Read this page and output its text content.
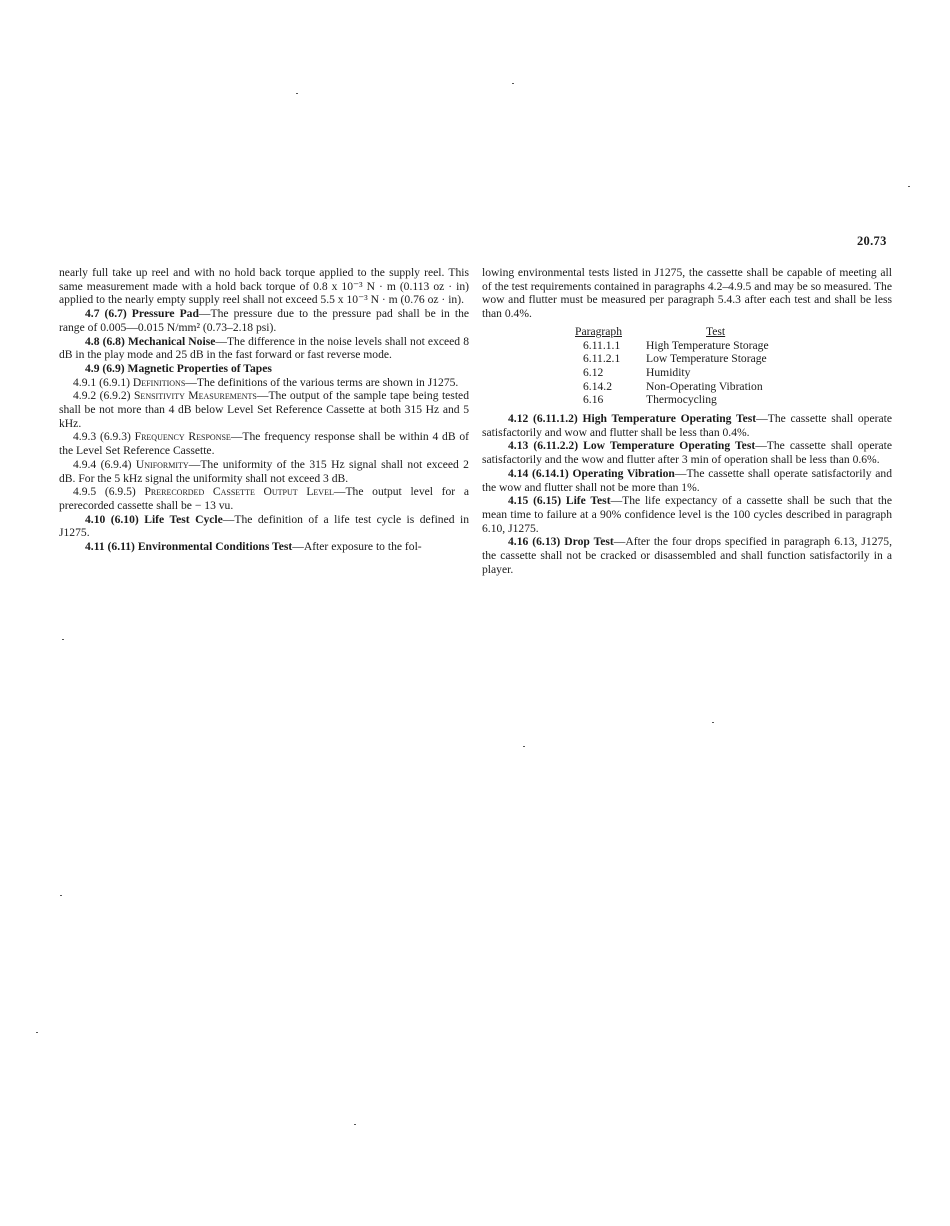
20.73

nearly full take up reel and with no hold back torque applied to the supply reel. This same measurement made with a hold back torque of 0.8 x 10⁻³ N · m (0.113 oz · in) applied to the nearly empty supply reel shall not exceed 5.5 x 10⁻³ N · m (0.76 oz · in).

4.7 (6.7) Pressure Pad—The pressure due to the pressure pad shall be in the range of 0.005—0.015 N/mm² (0.73–2.18 psi).

4.8 (6.8) Mechanical Noise—The difference in the noise levels shall not exceed 8 dB in the play mode and 25 dB in the fast forward or fast reverse mode.

4.9 (6.9) Magnetic Properties of Tapes

4.9.1 (6.9.1) Definitions—The definitions of the various terms are shown in J1275.

4.9.2 (6.9.2) Sensitivity Measurements—The output of the sample tape being tested shall be not more than 4 dB below Level Set Reference Cassette at both 315 Hz and 5 kHz.

4.9.3 (6.9.3) Frequency Response—The frequency response shall be within 4 dB of the Level Set Reference Cassette.

4.9.4 (6.9.4) Uniformity—The uniformity of the 315 Hz signal shall not exceed 2 dB. For the 5 kHz signal the uniformity shall not exceed 3 dB.

4.9.5 (6.9.5) Prerecorded Cassette Output Level—The output level for a prerecorded cassette shall be − 13 vu.

4.10 (6.10) Life Test Cycle—The definition of a life test cycle is defined in J1275.

4.11 (6.11) Environmental Conditions Test—After exposure to the fol-

lowing environmental tests listed in J1275, the cassette shall be capable of meeting all of the test requirements contained in paragraphs 4.2–4.9.5 and may be so measured. The wow and flutter must be measured per paragraph 5.4.3 after each test and shall be less than 0.4%.

Paragraph	Test
6.11.1.1	High Temperature Storage
6.11.2.1	Low Temperature Storage
6.12	Humidity
6.14.2	Non-Operating Vibration
6.16	Thermocycling

4.12 (6.11.1.2) High Temperature Operating Test—The cassette shall operate satisfactorily and wow and flutter shall be less than 0.4%.

4.13 (6.11.2.2) Low Temperature Operating Test—The cassette shall operate satisfactorily and the wow and flutter after 3 min of operation shall be less than 0.6%.

4.14 (6.14.1) Operating Vibration—The cassette shall operate satisfactorily and the wow and flutter shall not be more than 1%.

4.15 (6.15) Life Test—The life expectancy of a cassette shall be such that the mean time to failure at a 90% confidence level is the 100 cycles described in paragraph 6.10, J1275.

4.16 (6.13) Drop Test—After the four drops specified in paragraph 6.13, J1275, the cassette shall not be cracked or disassembled and shall function satisfactorily in a player.
